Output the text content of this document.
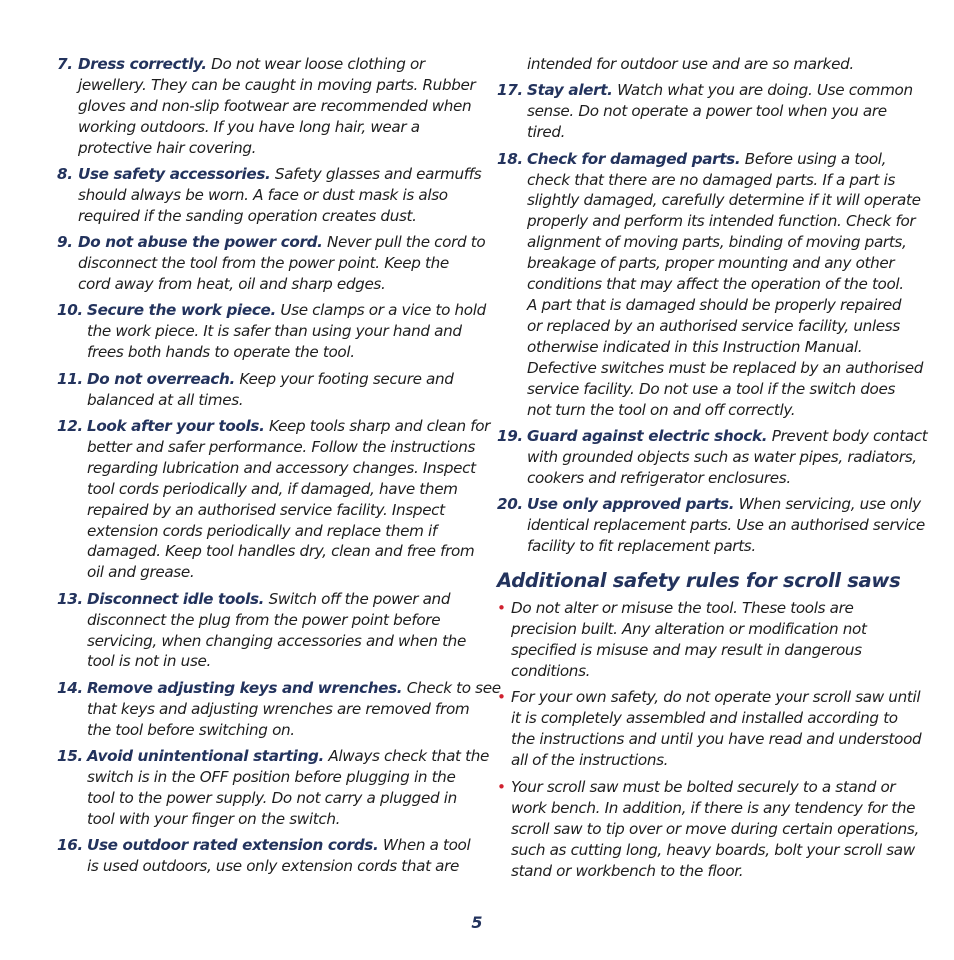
7. Dress correctly. Do not wear loose clothing or
jewellery. They can be caught in moving parts. Rubber
gloves and non-slip footwear are recommended when
working outdoors. If you have long hair, wear a
protective hair covering.
8. Use safety accessories. Safety glasses and earmuffs
should always be worn. A face or dust mask is also
required if the sanding operation creates dust.
9. Do not abuse the power cord. Never pull the cord to
disconnect the tool from the power point. Keep the
cord away from heat, oil and sharp edges.
10. Secure the work piece. Use clamps or a vice to hold
the work piece. It is safer than using your hand and
frees both hands to operate the tool.
11. Do not overreach. Keep your footing secure and
balanced at all times.
12. Look after your tools. Keep tools sharp and clean for
better and safer performance. Follow the instructions
regarding lubrication and accessory changes. Inspect
tool cords periodically and, if damaged, have them
repaired by an authorised service facility. Inspect
extension cords periodically and replace them if
damaged. Keep tool handles dry, clean and free from
oil and grease.
13. Disconnect idle tools. Switch off the power and
disconnect the plug from the power point before
servicing, when changing accessories and when the
tool is not in use.
14. Remove adjusting keys and wrenches. Check to see
that keys and adjusting wrenches are removed from
the tool before switching on.
15. Avoid unintentional starting. Always check that the
switch is in the OFF position before plugging in the
tool to the power supply. Do not carry a plugged in
tool with your finger on the switch.
16. Use outdoor rated extension cords. When a tool
is used outdoors, use only extension cords that are
intended for outdoor use and are so marked.
17. Stay alert. Watch what you are doing. Use common
sense. Do not operate a power tool when you are
tired.
18. Check for damaged parts. Before using a tool,
check that there are no damaged parts. If a part is
slightly damaged, carefully determine if it will operate
properly and perform its intended function. Check for
alignment of moving parts, binding of moving parts,
breakage of parts, proper mounting and any other
conditions that may affect the operation of the tool.
A part that is damaged should be properly repaired
or replaced by an authorised service facility, unless
otherwise indicated in this Instruction Manual.
Defective switches must be replaced by an authorised
service facility. Do not use a tool if the switch does
not turn the tool on and off correctly.
19. Guard against electric shock. Prevent body contact
with grounded objects such as water pipes, radiators,
cookers and refrigerator enclosures.
20. Use only approved parts. When servicing, use only
identical replacement parts. Use an authorised service
facility to fit replacement parts.
Additional safety rules for scroll saws
• Do not alter or misuse the tool. These tools are
precision built. Any alteration or modification not
specified is misuse and may result in dangerous
conditions.
• For your own safety, do not operate your scroll saw until
it is completely assembled and installed according to
the instructions and until you have read and understood
all of the instructions.
• Your scroll saw must be bolted securely to a stand or
work bench. In addition, if there is any tendency for the
scroll saw to tip over or move during certain operations,
such as cutting long, heavy boards, bolt your scroll saw
stand or workbench to the floor.
5
